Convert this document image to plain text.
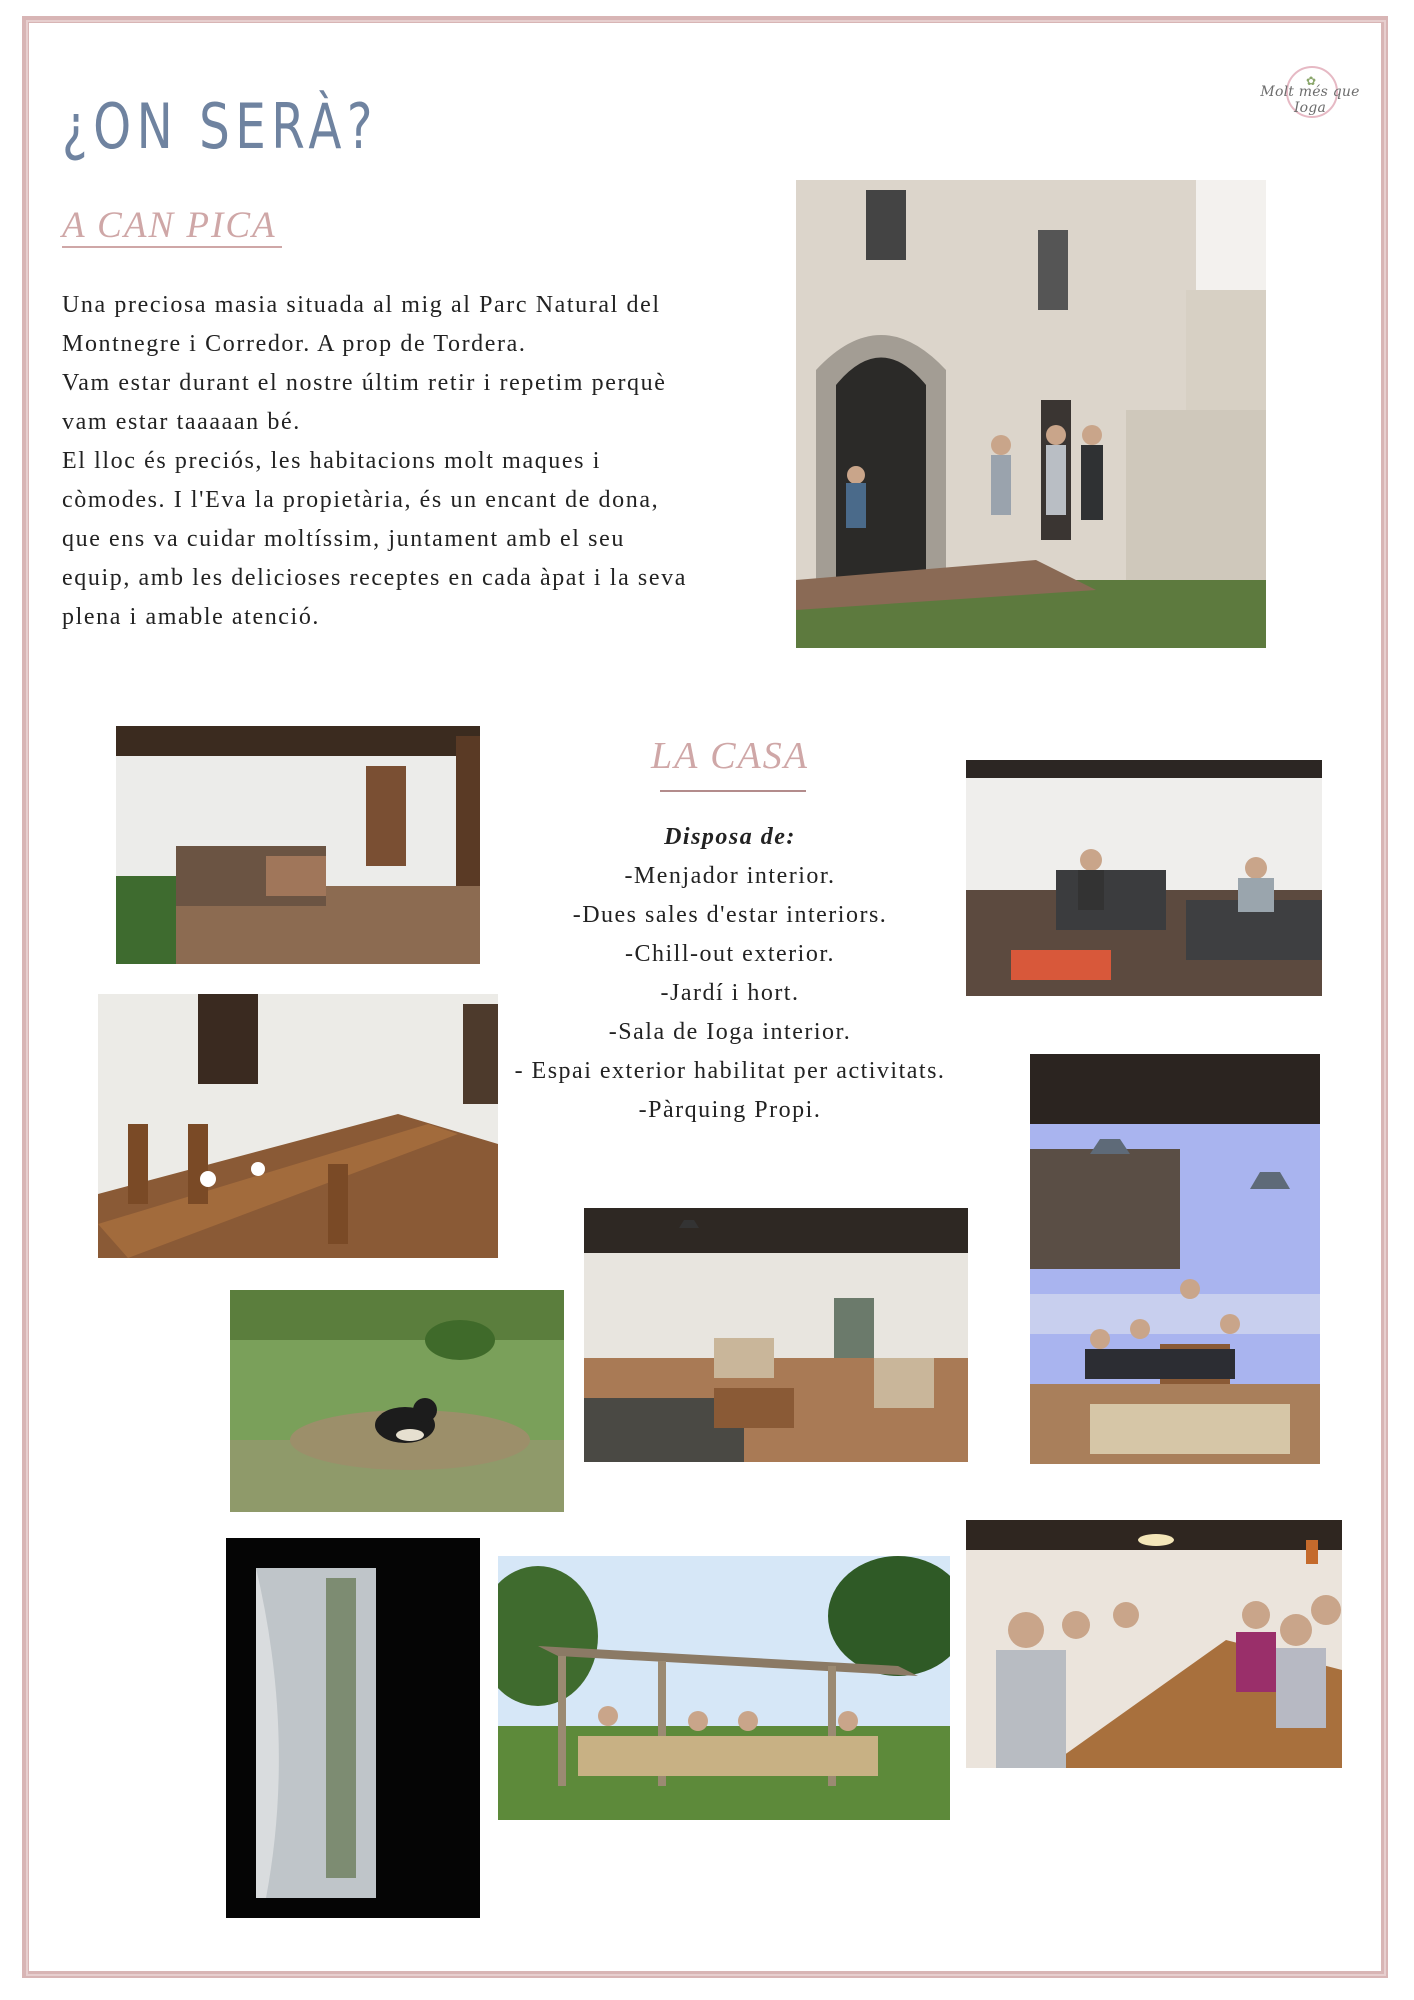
✿
Molt més que Ioga
¿ON SERÀ?
A CAN PICA

Una preciosa masia situada al mig al Parc Natural del

Montnegre i Corredor. A prop de Tordera.

Vam estar durant el nostre últim retir i repetim perquè

vam estar taaaaan bé.

El lloc és preciós, les habitacions molt maques i

còmodes. I l'Eva la propietària, és un encant de dona,

que ens va cuidar moltíssim, juntament amb el seu

equip, amb les delicioses receptes en cada àpat i la seva

plena i amable atenció.

LA CASA
Disposa de:
-Menjador interior.
-Dues sales d'estar interiors.
-Chill-out exterior.
-Jardí i hort.
-Sala de Ioga interior.
- Espai exterior habilitat per activitats.
-Pàrquing Propi.
